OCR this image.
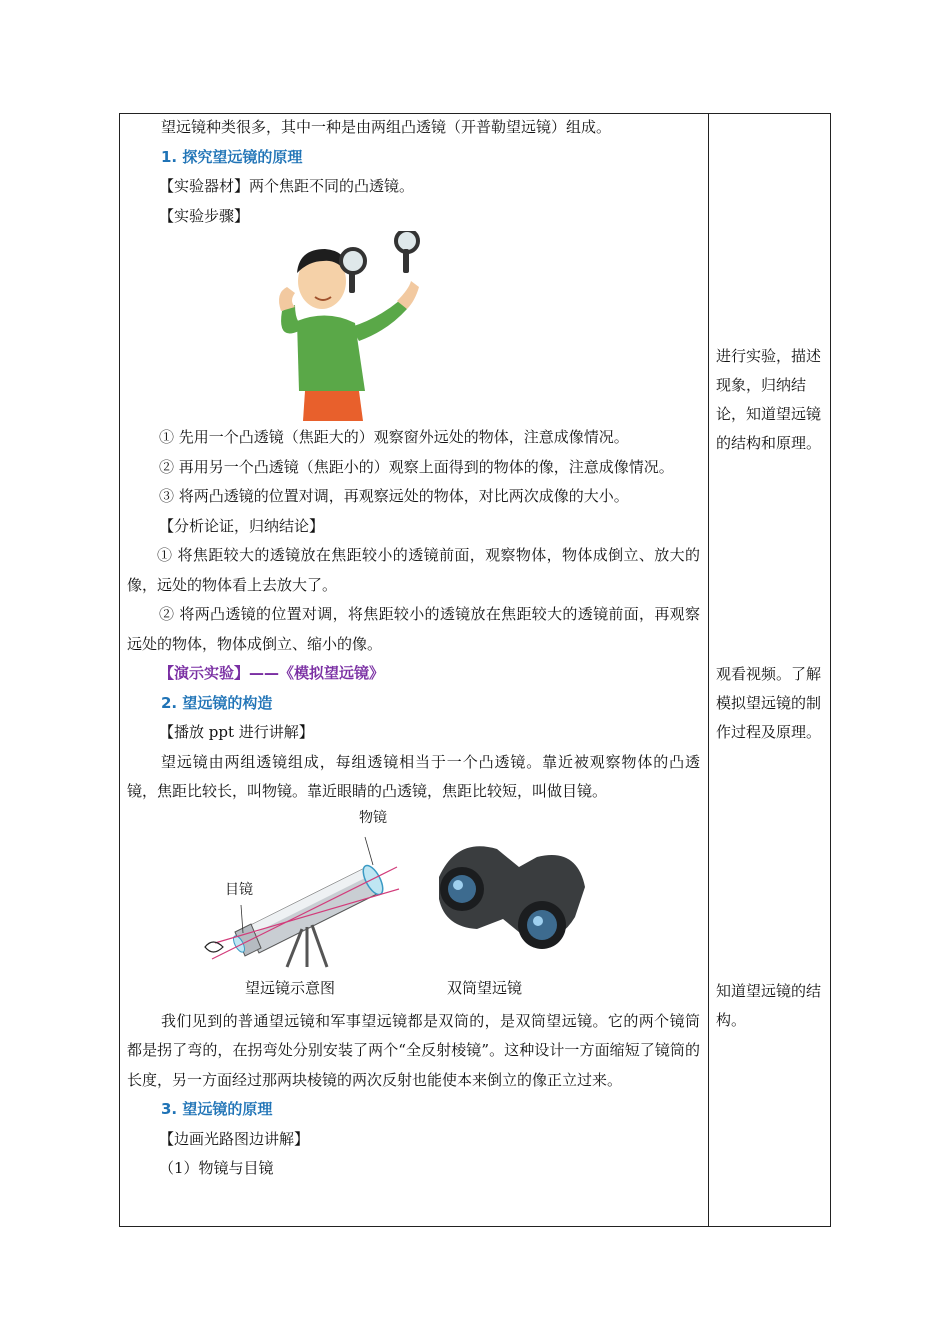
望远镜种类很多，其中一种是由两组凸透镜（开普勒望远镜）组成。

1. 探究望远镜的原理

【实验器材】两个焦距不同的凸透镜。

【实验步骤】

① 先用一个凸透镜（焦距大的）观察窗外远处的物体，注意成像情况。

② 再用另一个凸透镜（焦距小的）观察上面得到的物体的像，注意成像情况。

③ 将两凸透镜的位置对调，再观察远处的物体，对比两次成像的大小。

【分析论证，归纳结论】

① 将焦距较大的透镜放在焦距较小的透镜前面，观察物体，物体成倒立、放大的像，远处的物体看上去放大了。

② 将两凸透镜的位置对调，将焦距较小的透镜放在焦距较大的透镜前面，再观察远处的物体，物体成倒立、缩小的像。

【演示实验】——《模拟望远镜》

2. 望远镜的构造

【播放 ppt 进行讲解】

望远镜由两组透镜组成，每组透镜相当于一个凸透镜。靠近被观察物体的凸透镜，焦距比较长，叫物镜。靠近眼睛的凸透镜，焦距比较短，叫做目镜。

物镜
目镜
望远镜示意图	双筒望远镜

我们见到的普通望远镜和军事望远镜都是双筒的，是双筒望远镜。它的两个镜筒都是拐了弯的，在拐弯处分别安装了两个“全反射棱镜”。这种设计一方面缩短了镜筒的长度，另一方面经过那两块棱镜的两次反射也能使本来倒立的像正立过来。

3. 望远镜的原理

【边画光路图边讲解】

（1）物镜与目镜

进行实验，描述现象，归纳结论，知道望远镜的结构和原理。
观看视频。了解模拟望远镜的制作过程及原理。
知道望远镜的结构。
